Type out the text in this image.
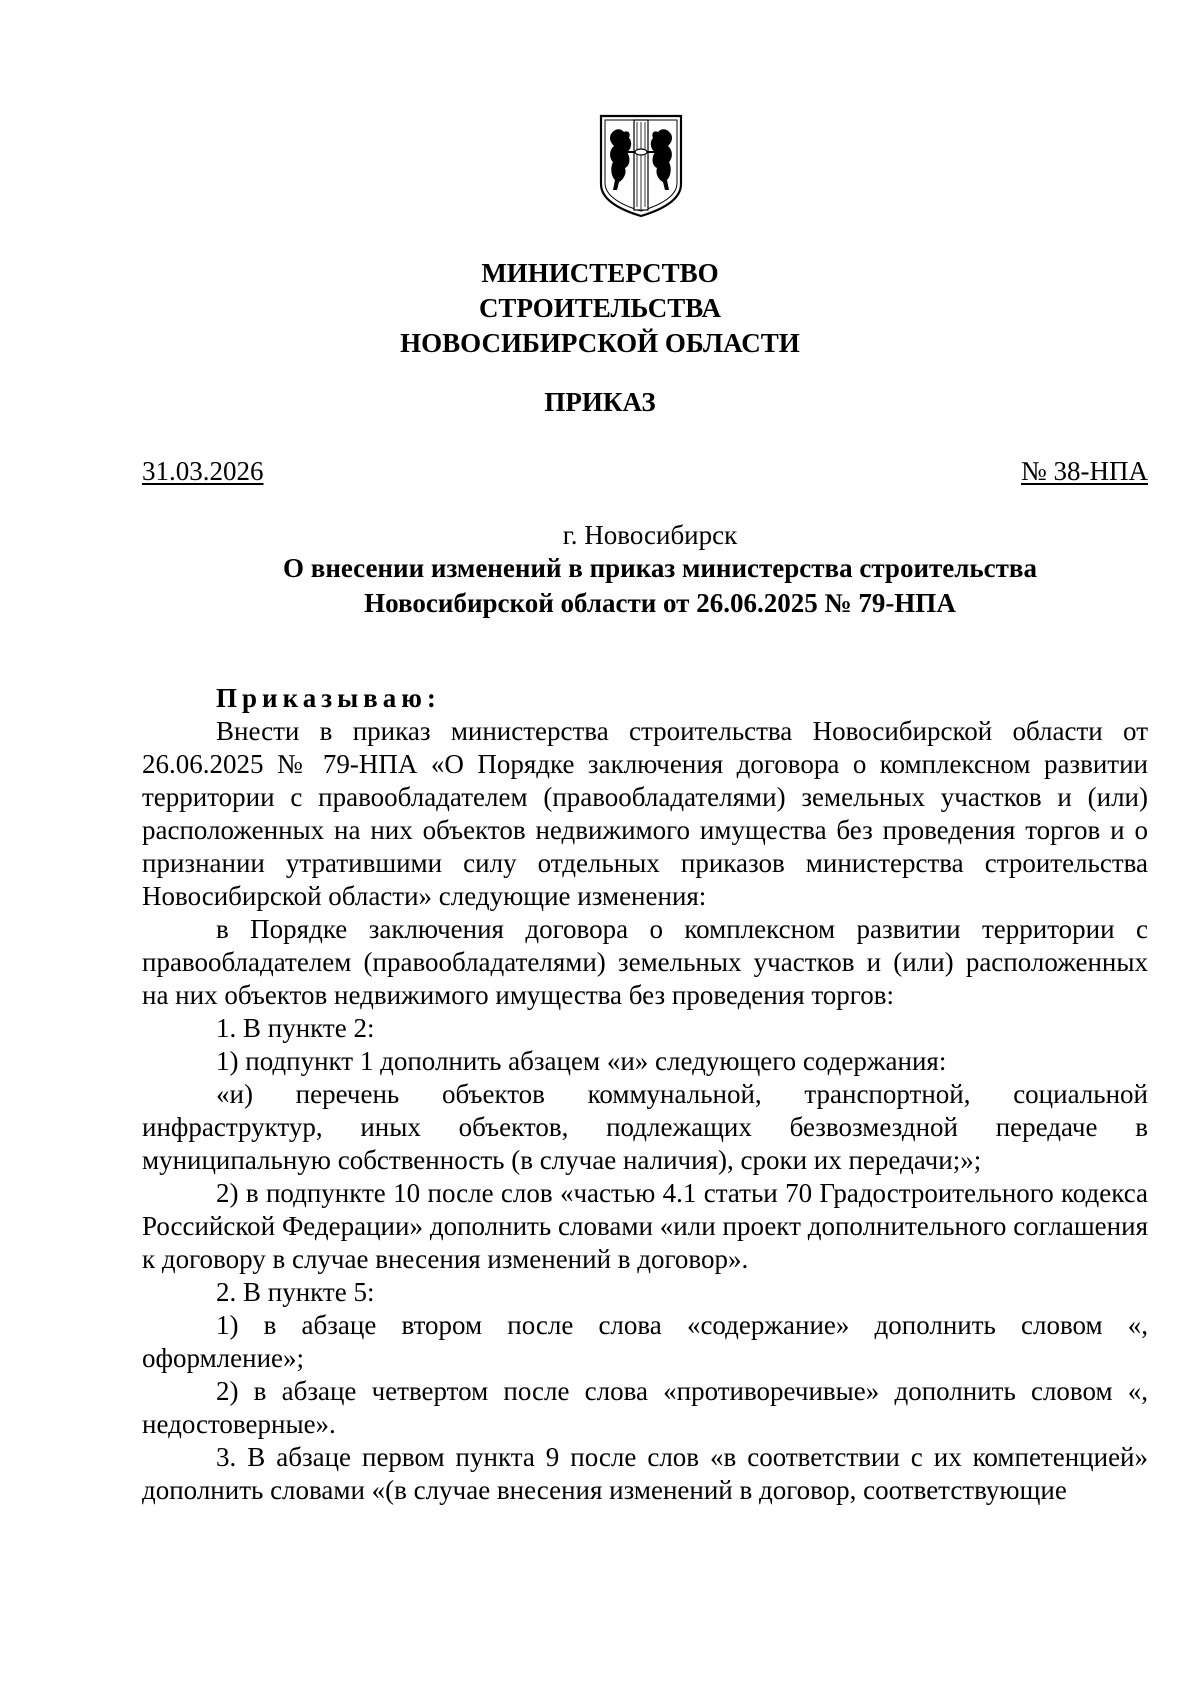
МИНИСТЕРСТВО
СТРОИТЕЛЬСТВА
НОВОСИБИРСКОЙ ОБЛАСТИ
ПРИКАЗ
31.03.2026	№ 38-НПА
г. Новосибирск
О внесении изменений в приказ министерства строительства
Новосибирской области от 26.06.2025 № 79-НПА

Приказываю:

Внести в приказ министерства строительства Новосибирской области от 26.06.2025 № 79-НПА «О Порядке заключения договора о комплексном развитии территории с правообладателем (правообладателями) земельных участков и (или) расположенных на них объектов недвижимого имущества без проведения торгов и о признании утратившими силу отдельных приказов министерства строительства Новосибирской области» следующие изменения:

в Порядке заключения договора о комплексном развитии территории с правообладателем (правообладателями) земельных участков и (или) расположенных на них объектов недвижимого имущества без проведения торгов:

1. В пункте 2:

1) подпункт 1 дополнить абзацем «и» следующего содержания:

«и) перечень объектов коммунальной, транспортной, социальной инфраструктур, иных объектов, подлежащих безвозмездной передаче в муниципальную собственность (в случае наличия), сроки их передачи;»;

2) в подпункте 10 после слов «частью 4.1 статьи 70 Градостроительного кодекса Российской Федерации» дополнить словами «или проект дополнительного соглашения к договору в случае внесения изменений в договор».

2. В пункте 5:

1) в абзаце втором после слова «содержание» дополнить словом «, оформление»;

2) в абзаце четвертом после слова «противоречивые» дополнить словом «, недостоверные».

3. В абзаце первом пункта 9 после слов «в соответствии с их компетенцией» дополнить словами «(в случае внесения изменений в договор, соответствующие
